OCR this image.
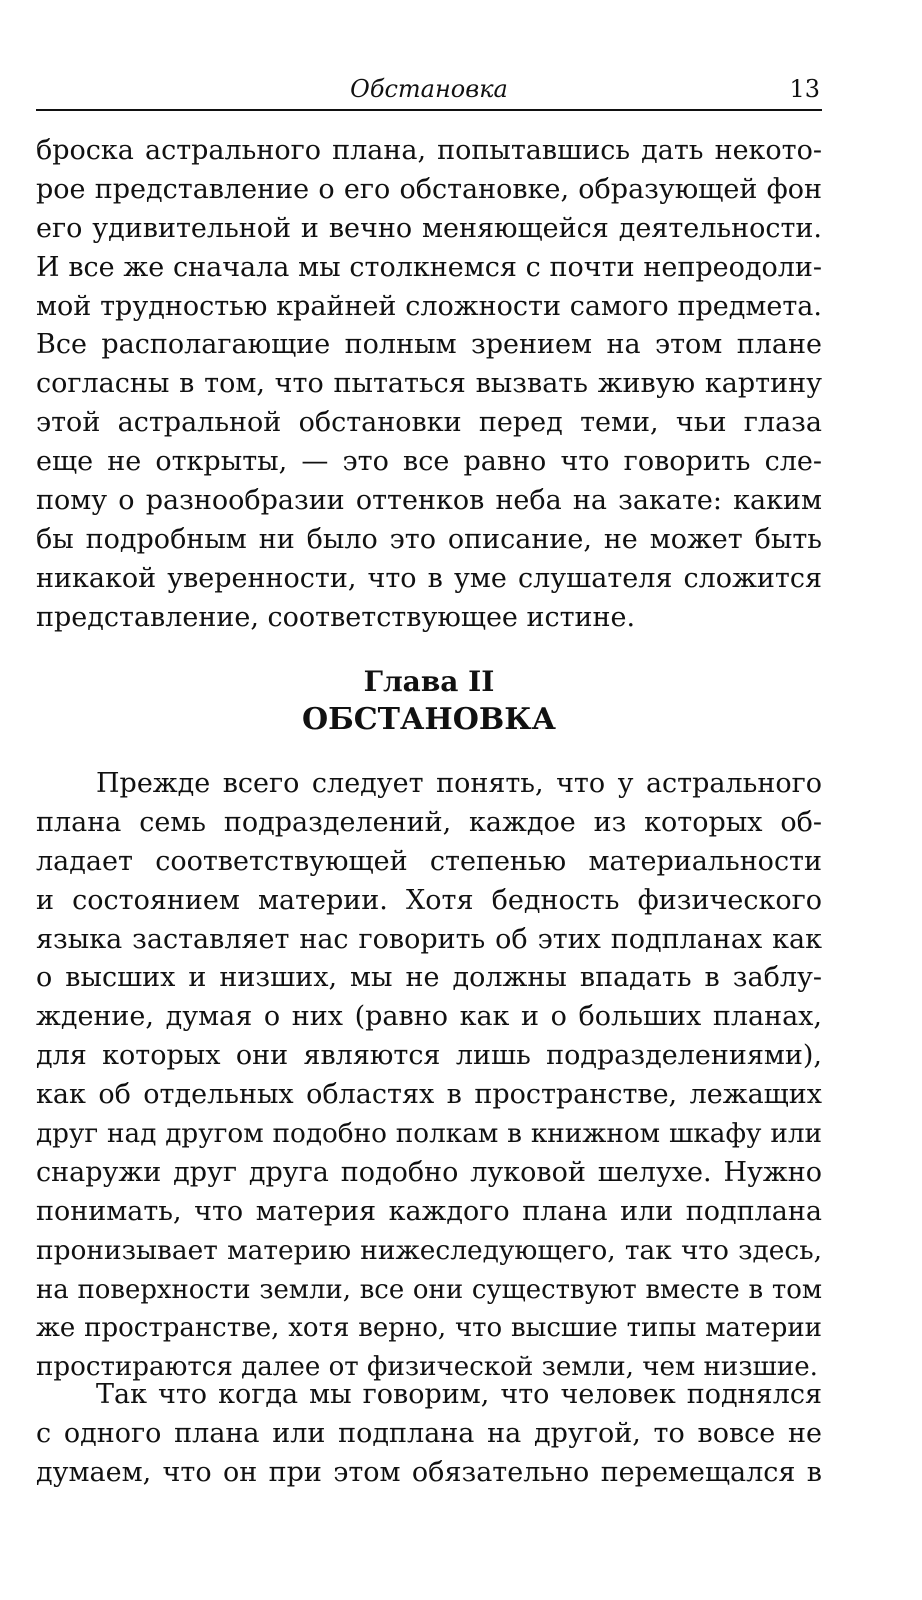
Обстановка	13
броска астрального плана, попытавшись дать некото-
рое представление о его обстановке, образующей фон
его удивительной и вечно меняющейся деятельности.
И все же сначала мы столкнемся с почти непреодоли-
мой трудностью крайней сложности самого предмета.
Все располагающие полным зрением на этом плане
согласны в том, что пытаться вызвать живую картину
этой астральной обстановки перед теми, чьи глаза
еще не открыты, — это все равно что говорить сле-
пому о разнообразии оттенков неба на закате: каким
бы подробным ни было это описание, не может быть
никакой уверенности, что в уме слушателя сложится
представление, соответствующее истине.
Глава II
ОБСТАНОВКА
Прежде всего следует понять, что у астрального
плана семь подразделений, каждое из которых об-
ладает соответствующей степенью материальности
и состоянием материи. Хотя бедность физического
языка заставляет нас говорить об этих подпланах как
о высших и низших, мы не должны впадать в заблу-
ждение, думая о них (равно как и о больших планах,
для которых они являются лишь подразделениями),
как об отдельных областях в пространстве, лежащих
друг над другом подобно полкам в книжном шкафу или
снаружи друг друга подобно луковой шелухе. Нужно
понимать, что материя каждого плана или подплана
пронизывает материю нижеследующего, так что здесь,
на поверхности земли, все они существуют вместе в том
же пространстве, хотя верно, что высшие типы материи
простираются далее от физической земли, чем низшие.
Так что когда мы говорим, что человек поднялся
с одного плана или подплана на другой, то вовсе не
думаем, что он при этом обязательно перемещался в
